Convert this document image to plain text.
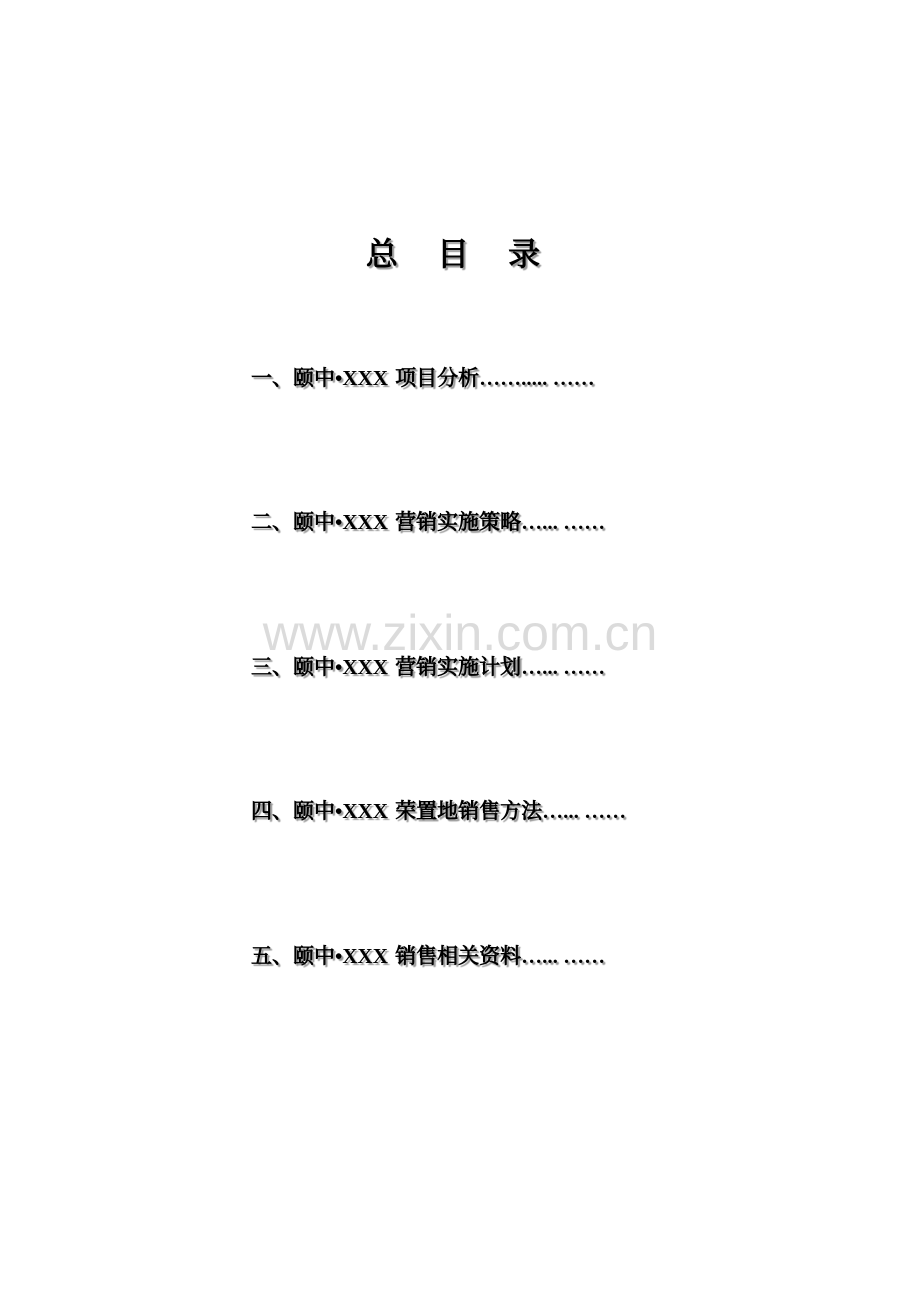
总 目 录
一、颐中•XXX 项目分析……..... ……
二、颐中•XXX 营销实施策略…... ……
三、颐中•XXX 营销实施计划…... ……
四、颐中•XXX 荣置地销售方法…... ……
五、颐中•XXX 销售相关资料…... ……
www.zixin.com.cn
